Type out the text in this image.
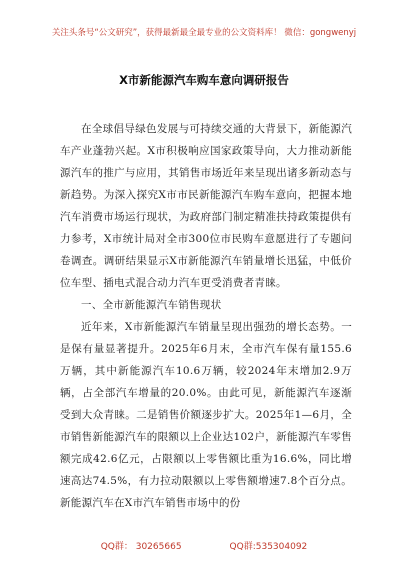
关注头条号“公文研究”，获得最新最全最专业的公文资料库！ 微信：gongwenyj
X市新能源汽车购车意向调研报告

在全球倡导绿色发展与可持续交通的大背景下，新能源汽车产业蓬勃兴起。X市积极响应国家政策导向，大力推动新能源汽车的推广与应用，其销售市场近年来呈现出诸多新动态与新趋势。为深入探究X市市民新能源汽车购车意向，把握本地汽车消费市场运行现状，为政府部门制定精准扶持政策提供有力参考，X市统计局对全市300位市民购车意愿进行了专题问卷调查。调研结果显示X市新能源汽车销量增长迅猛，中低价位车型、插电式混合动力汽车更受消费者青睐。

一、全市新能源汽车销售现状

近年来，X市新能源汽车销量呈现出强劲的增长态势。一是保有量显著提升。2025年6月末，全市汽车保有量155.6万辆，其中新能源汽车10.6万辆，较2024年末增加2.9万辆，占全部汽车增量的20.0%。由此可见，新能源汽车逐渐受到大众青睐。二是销售价额逐步扩大。2025年1—6月，全市销售新能源汽车的限额以上企业达102户，新能源汽车零售额完成42.6亿元，占限额以上零售额比重为16.6%，同比增速高达74.5%，有力拉动限额以上零售额增速7.8个百分点。新能源汽车在X市汽车销售市场中的份

QQ群： 30265665	QQ群:535304092
